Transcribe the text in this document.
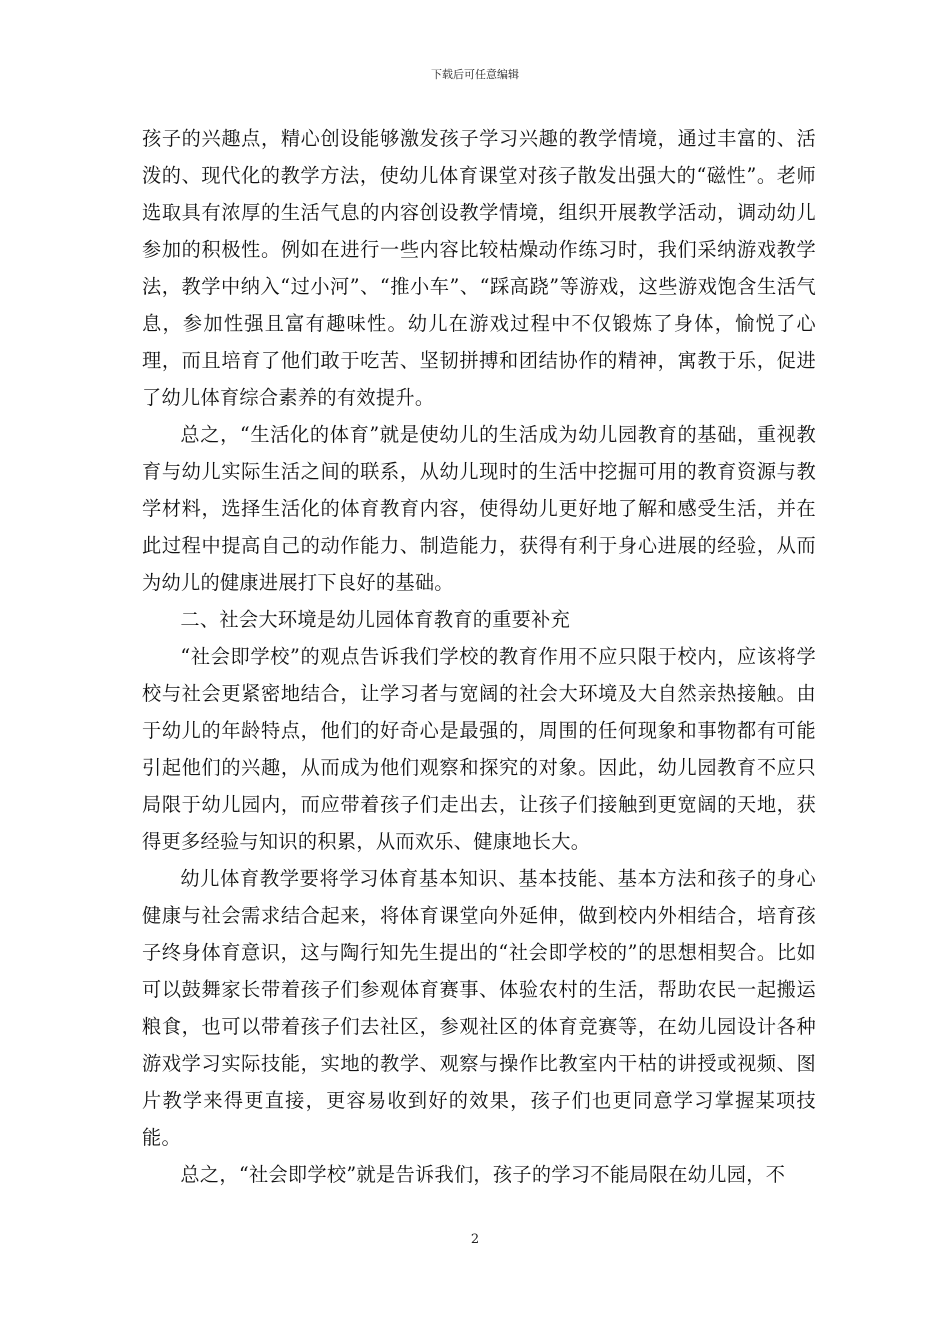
下载后可任意编辑

孩子的兴趣点，精心创设能够激发孩子学习兴趣的教学情境，通过丰富的、活泼的、现代化的教学方法，使幼儿体育课堂对孩子散发出强大的“磁性”。老师选取具有浓厚的生活气息的内容创设教学情境，组织开展教学活动，调动幼儿参加的积极性。例如在进行一些内容比较枯燥动作练习时，我们采纳游戏教学法，教学中纳入“过小河”、“推小车”、“踩高跷”等游戏，这些游戏饱含生活气息，参加性强且富有趣味性。幼儿在游戏过程中不仅锻炼了身体，愉悦了心理，而且培育了他们敢于吃苦、坚韧拼搏和团结协作的精神，寓教于乐，促进了幼儿体育综合素养的有效提升。

总之，“生活化的体育”就是使幼儿的生活成为幼儿园教育的基础，重视教育与幼儿实际生活之间的联系，从幼儿现时的生活中挖掘可用的教育资源与教学材料，选择生活化的体育教育内容，使得幼儿更好地了解和感受生活，并在此过程中提高自己的动作能力、制造能力，获得有利于身心进展的经验，从而为幼儿的健康进展打下良好的基础。

二、社会大环境是幼儿园体育教育的重要补充

“社会即学校”的观点告诉我们学校的教育作用不应只限于校内，应该将学校与社会更紧密地结合，让学习者与宽阔的社会大环境及大自然亲热接触。由于幼儿的年龄特点，他们的好奇心是最强的，周围的任何现象和事物都有可能引起他们的兴趣，从而成为他们观察和探究的对象。因此，幼儿园教育不应只局限于幼儿园内，而应带着孩子们走出去，让孩子们接触到更宽阔的天地，获得更多经验与知识的积累，从而欢乐、健康地长大。

幼儿体育教学要将学习体育基本知识、基本技能、基本方法和孩子的身心健康与社会需求结合起来，将体育课堂向外延伸，做到校内外相结合，培育孩子终身体育意识，这与陶行知先生提出的“社会即学校的”的思想相契合。比如可以鼓舞家长带着孩子们参观体育赛事、体验农村的生活，帮助农民一起搬运粮食，也可以带着孩子们去社区，参观社区的体育竞赛等，在幼儿园设计各种游戏学习实际技能，实地的教学、观察与操作比教室内干枯的讲授或视频、图片教学来得更直接，更容易收到好的效果，孩子们也更同意学习掌握某项技能。

总之，“社会即学校”就是告诉我们，孩子的学习不能局限在幼儿园，不

2
